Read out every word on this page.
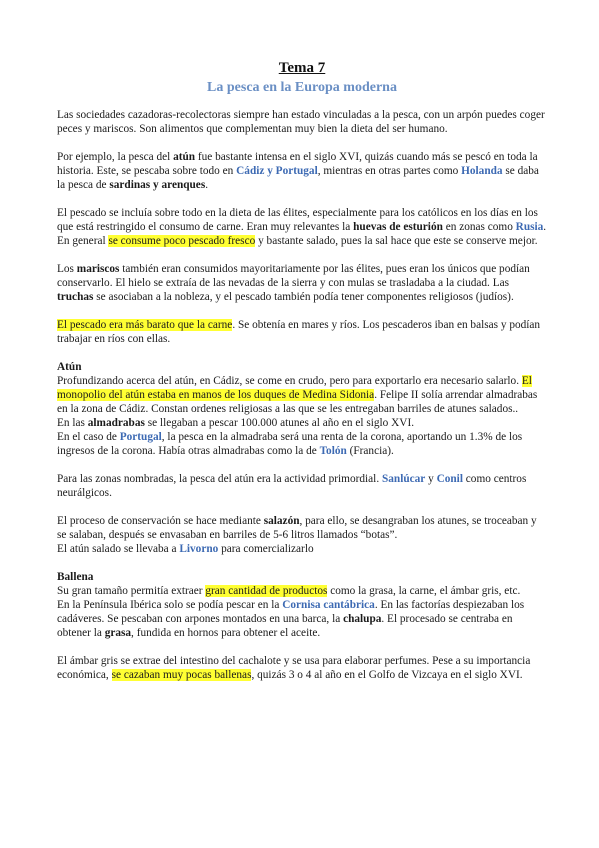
Tema 7
La pesca en la Europa moderna

Las sociedades cazadoras-recolectoras siempre han estado vinculadas a la pesca, con un arpón puedes coger peces y mariscos. Son alimentos que complementan muy bien la dieta del ser humano.

Por ejemplo, la pesca del atún fue bastante intensa en el siglo XVI, quizás cuando más se pescó en toda la historia. Este, se pescaba sobre todo en Cádiz y Portugal, mientras en otras partes como Holanda se daba la pesca de sardinas y arenques.

El pescado se incluía sobre todo en la dieta de las élites, especialmente para los católicos en los días en los que está restringido el consumo de carne. Eran muy relevantes la huevas de esturión en zonas como Rusia. En general se consume poco pescado fresco y bastante salado, pues la sal hace que este se conserve mejor.

Los mariscos también eran consumidos mayoritariamente por las élites, pues eran los únicos que podían conservarlo. El hielo se extraía de las nevadas de la sierra y con mulas se trasladaba a la ciudad. Las truchas se asociaban a la nobleza, y el pescado también podía tener componentes religiosos (judíos).

El pescado era más barato que la carne. Se obtenía en mares y ríos. Los pescaderos iban en balsas y podían trabajar en ríos con ellas.

Atún

Profundizando acerca del atún, en Cádiz, se come en crudo, pero para exportarlo era necesario salarlo. El monopolio del atún estaba en manos de los duques de Medina Sidonia. Felipe II solía arrendar almadrabas en la zona de Cádiz. Constan ordenes religiosas a las que se les entregaban barriles de atunes salados..

En las almadrabas se llegaban a pescar 100.000 atunes al año en el siglo XVI.

En el caso de Portugal, la pesca en la almadraba será una renta de la corona, aportando un 1.3% de los ingresos de la corona. Había otras almadrabas como la de Tolón (Francia).

Para las zonas nombradas, la pesca del atún era la actividad primordial. Sanlúcar y Conil como centros neurálgicos.

El proceso de conservación se hace mediante salazón, para ello, se desangraban los atunes, se troceaban y se salaban, después se envasaban en barriles de 5-6 litros llamados “botas”.

El atún salado se llevaba a Livorno para comercializarlo

Ballena

Su gran tamaño permitía extraer gran cantidad de productos como la grasa, la carne, el ámbar gris, etc.

En la Península Ibérica solo se podía pescar en la Cornisa cantábrica. En las factorías despiezaban los cadáveres. Se pescaban con arpones montados en una barca, la chalupa. El procesado se centraba en obtener la grasa, fundida en hornos para obtener el aceite.

El ámbar gris se extrae del intestino del cachalote y se usa para elaborar perfumes. Pese a su importancia económica, se cazaban muy pocas ballenas, quizás 3 o 4 al año en el Golfo de Vizcaya en el siglo XVI.
